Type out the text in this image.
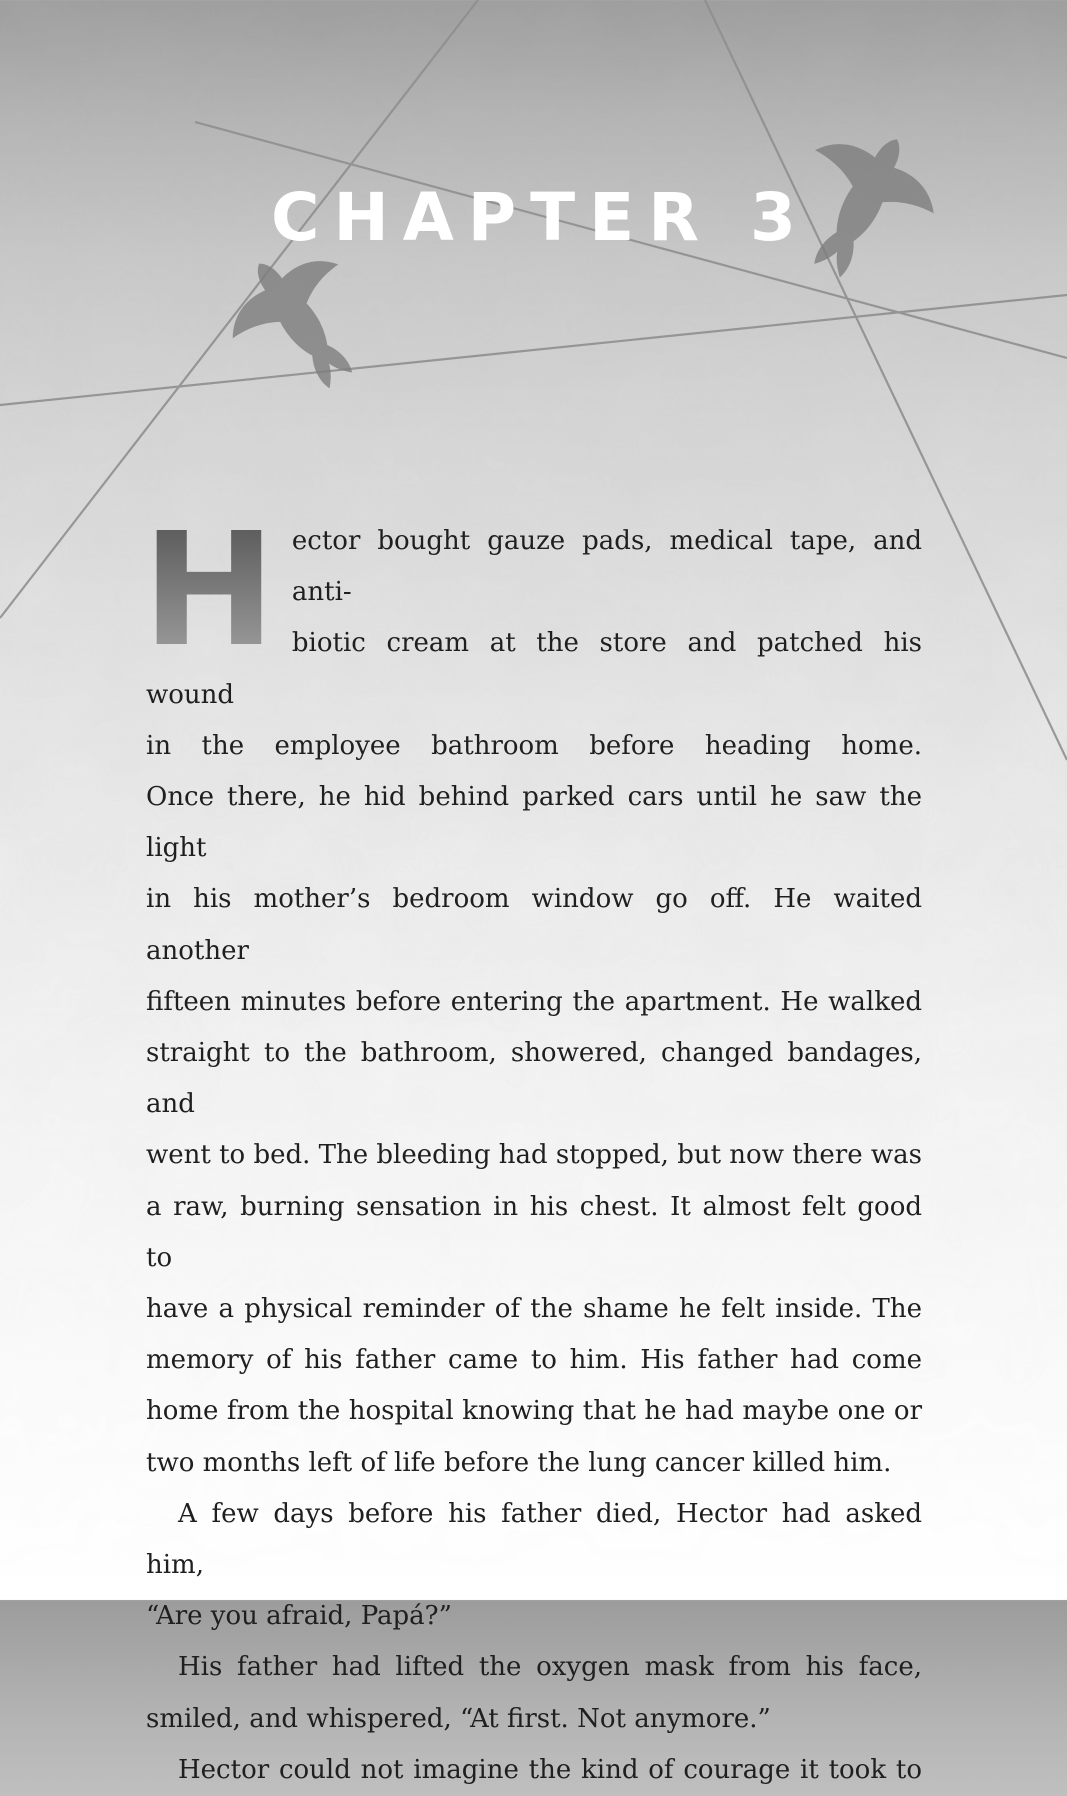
CHAPTER 3
H ector bought gauze pads, medical tape, and anti-
biotic cream at the store and patched his wound
in the employee bathroom before heading home.
Once there, he hid behind parked cars until he saw the light
in his mother’s bedroom window go off. He waited another
fifteen minutes before entering the apartment. He walked
straight to the bathroom, showered, changed bandages, and
went to bed. The bleeding had stopped, but now there was
a raw, burning sensation in his chest. It almost felt good to
have a physical reminder of the shame he felt inside. The
memory of his father came to him. His father had come
home from the hospital knowing that he had maybe one or
two months left of life before the lung cancer killed him.

A few days before his father died, Hector had asked him,
“Are you afraid, Papá?”

His father had lifted the oxygen mask from his face,
smiled, and whispered, “At first. Not anymore.”

Hector could not imagine the kind of courage it took to
